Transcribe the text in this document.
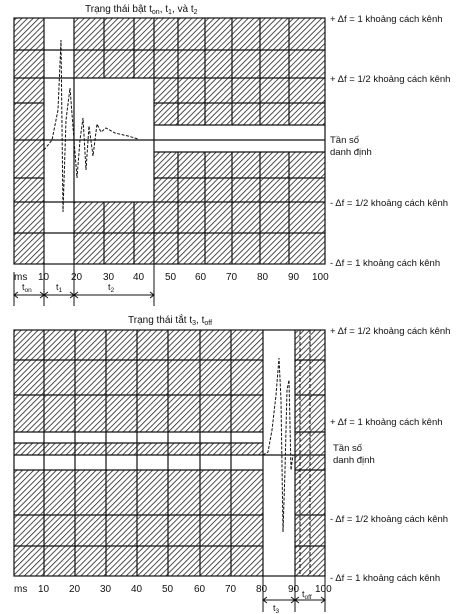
Trạng thái bật $t_{on}$, $t_1$, và $t_2$
+ Δf = 1 khoảng cách kênh
+ Δf = 1/2 khoảng cách kênh
Tần số
danh định
- Δf = 1/2 khoảng cách kênh
- Δf = 1 khoảng cách kênh
ms 10 20 30 40 50 60 70 80 90 100
$t_{on}$	$t_1$	$t_2$
Trạng thái tắt $t_3$, $t_{off}$
+ Δf = 1/2 khoảng cách kênh
+ Δf = 1 khoảng cách kênh
Tần số
danh định
- Δf = 1/2 khoảng cách kênh
- Δf = 1 khoảng cách kênh
ms 10 20 30 40 50 60 70 80 90 100
$t_3$
$t_{off}$
